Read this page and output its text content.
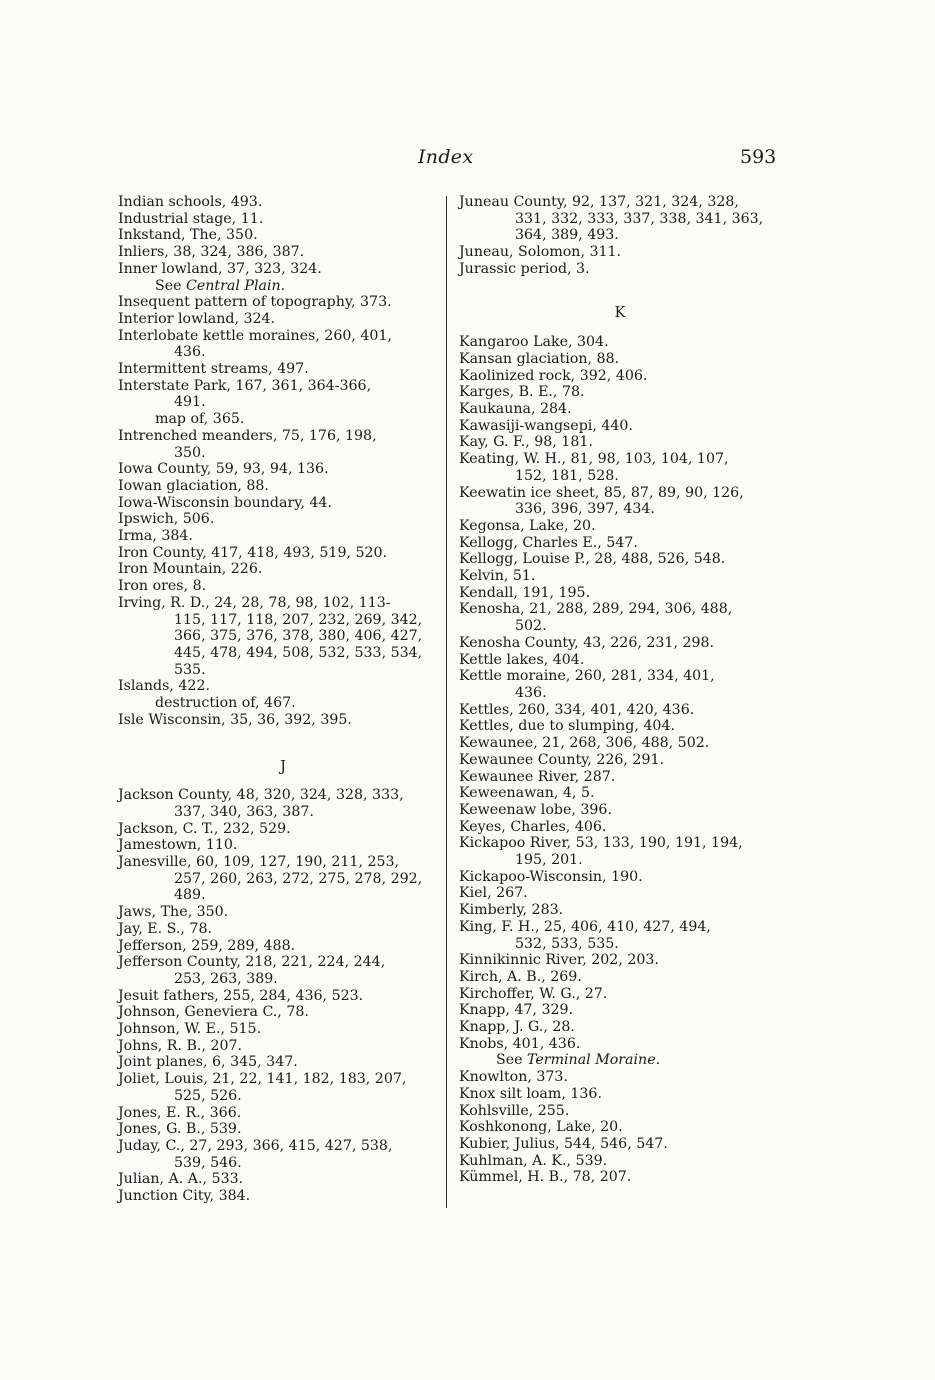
Index	593
Indian schools, 493.
Industrial stage, 11.
Inkstand, The, 350.
Inliers, 38, 324, 386, 387.
Inner lowland, 37, 323, 324.
See Central Plain.
Insequent pattern of topography, 373.
Interior lowland, 324.
Interlobate kettle moraines, 260, 401,
436.
Intermittent streams, 497.
Interstate Park, 167, 361, 364-366,
491.
map of, 365.
Intrenched meanders, 75, 176, 198,
350.
Iowa County, 59, 93, 94, 136.
Iowan glaciation, 88.
Iowa-Wisconsin boundary, 44.
Ipswich, 506.
Irma, 384.
Iron County, 417, 418, 493, 519, 520.
Iron Mountain, 226.
Iron ores, 8.
Irving, R. D., 24, 28, 78, 98, 102, 113-
115, 117, 118, 207, 232, 269, 342,
366, 375, 376, 378, 380, 406, 427,
445, 478, 494, 508, 532, 533, 534,
535.
Islands, 422.
destruction of, 467.
Isle Wisconsin, 35, 36, 392, 395.
J
Jackson County, 48, 320, 324, 328, 333,
337, 340, 363, 387.
Jackson, C. T., 232, 529.
Jamestown, 110.
Janesville, 60, 109, 127, 190, 211, 253,
257, 260, 263, 272, 275, 278, 292,
489.
Jaws, The, 350.
Jay, E. S., 78.
Jefferson, 259, 289, 488.
Jefferson County, 218, 221, 224, 244,
253, 263, 389.
Jesuit fathers, 255, 284, 436, 523.
Johnson, Geneviera C., 78.
Johnson, W. E., 515.
Johns, R. B., 207.
Joint planes, 6, 345, 347.
Joliet, Louis, 21, 22, 141, 182, 183, 207,
525, 526.
Jones, E. R., 366.
Jones, G. B., 539.
Juday, C., 27, 293, 366, 415, 427, 538,
539, 546.
Julian, A. A., 533.
Junction City, 384.
Juneau County, 92, 137, 321, 324, 328,
331, 332, 333, 337, 338, 341, 363,
364, 389, 493.
Juneau, Solomon, 311.
Jurassic period, 3.
K
Kangaroo Lake, 304.
Kansan glaciation, 88.
Kaolinized rock, 392, 406.
Karges, B. E., 78.
Kaukauna, 284.
Kawasiji-wangsepi, 440.
Kay, G. F., 98, 181.
Keating, W. H., 81, 98, 103, 104, 107,
152, 181, 528.
Keewatin ice sheet, 85, 87, 89, 90, 126,
336, 396, 397, 434.
Kegonsa, Lake, 20.
Kellogg, Charles E., 547.
Kellogg, Louise P., 28, 488, 526, 548.
Kelvin, 51.
Kendall, 191, 195.
Kenosha, 21, 288, 289, 294, 306, 488,
502.
Kenosha County, 43, 226, 231, 298.
Kettle lakes, 404.
Kettle moraine, 260, 281, 334, 401,
436.
Kettles, 260, 334, 401, 420, 436.
Kettles, due to slumping, 404.
Kewaunee, 21, 268, 306, 488, 502.
Kewaunee County, 226, 291.
Kewaunee River, 287.
Keweenawan, 4, 5.
Keweenaw lobe, 396.
Keyes, Charles, 406.
Kickapoo River, 53, 133, 190, 191, 194,
195, 201.
Kickapoo-Wisconsin, 190.
Kiel, 267.
Kimberly, 283.
King, F. H., 25, 406, 410, 427, 494,
532, 533, 535.
Kinnikinnic River, 202, 203.
Kirch, A. B., 269.
Kirchoffer, W. G., 27.
Knapp, 47, 329.
Knapp, J. G., 28.
Knobs, 401, 436.
See Terminal Moraine.
Knowlton, 373.
Knox silt loam, 136.
Kohlsville, 255.
Koshkonong, Lake, 20.
Kubier, Julius, 544, 546, 547.
Kuhlman, A. K., 539.
Kümmel, H. B., 78, 207.
